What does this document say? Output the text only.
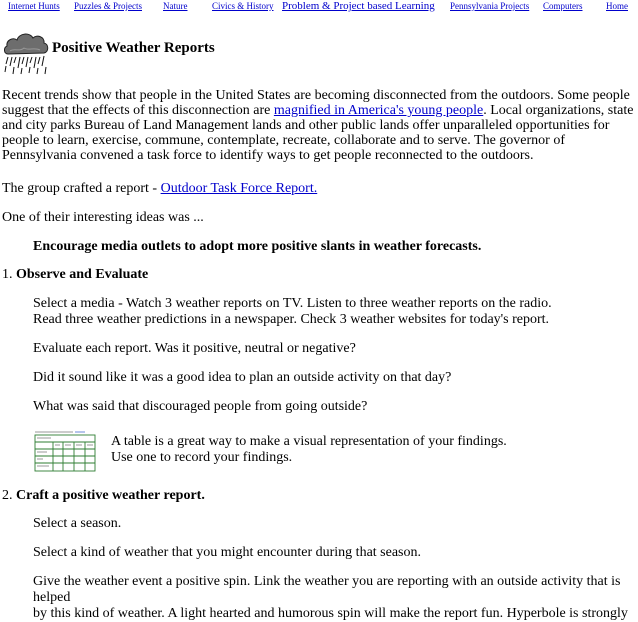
Internet Hunts Puzzles & Projects Nature	Civics & History Problem & Project based Learning Pennsylvania Projects Computers	Home
Positive Weather Reports
Recent trends show that people in the United States are becoming disconnected from the outdoors. Some people suggest that the effects of this disconnection are magnified in America's young people. Local organizations, state and city parks Bureau of Land Management lands and other public lands offer unparalleled opportunities for people to learn, exercise, commune, contemplate, recreate, collaborate and to serve. The governor of Pennsylvania convened a task force to identify ways to get people reconnected to the outdoors.
The group crafted a report - Outdoor Task Force Report.
One of their interesting ideas was ...
Encourage media outlets to adopt more positive slants in weather forecasts.
1. Observe and Evaluate
Select a media - Watch 3 weather reports on TV. Listen to three weather reports on the radio.
Read three weather predictions in a newspaper. Check 3 weather websites for today's report.
Evaluate each report. Was it positive, neutral or negative?
Did it sound like it was a good idea to plan an outside activity on that day?
What was said that discouraged people from going outside?
A table is a great way to make a visual representation of your findings.
Use one to record your findings.
2. Craft a positive weather report.
Select a season.
Select a kind of weather that you might encounter during that season.
Give the weather event a positive spin. Link the weather you are reporting with an outside activity that is helped
by this kind of weather. A light hearted and humorous spin will make the report fun. Hyperbole is strongly
